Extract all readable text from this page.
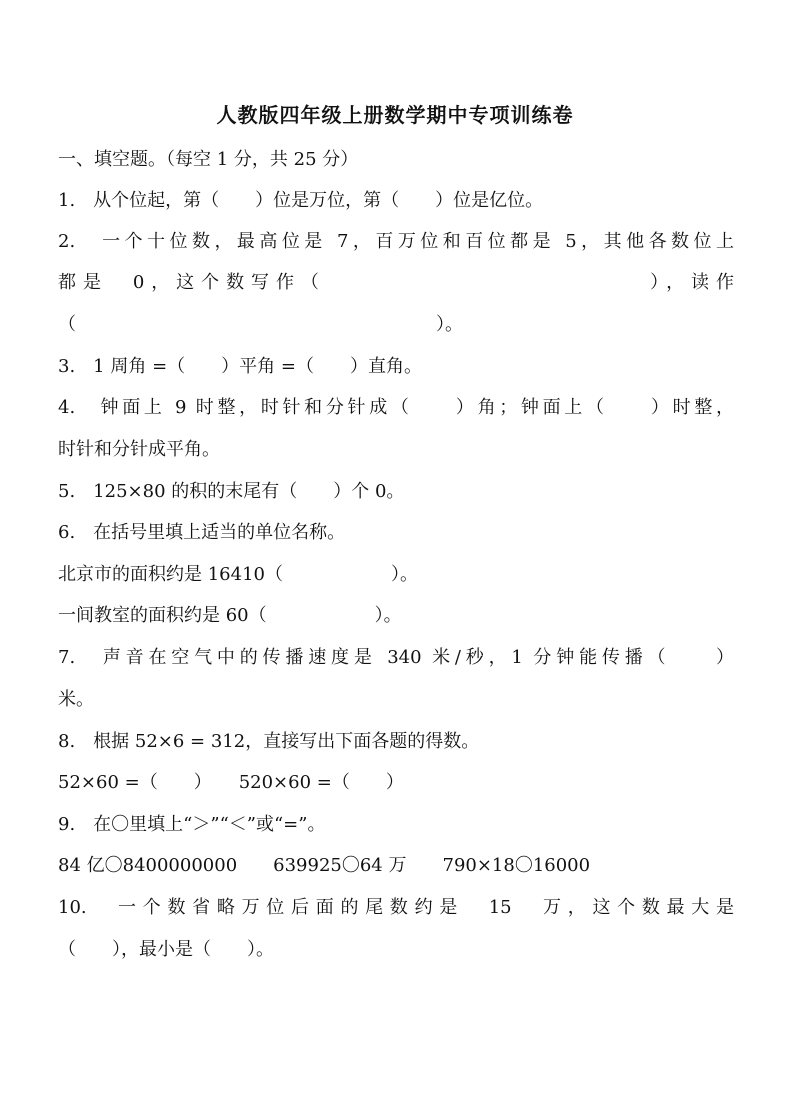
人教版四年级上册数学期中专项训练卷
一、填空题。（每空 1 分，共 25 分）
1.　从个位起，第（　　）位是万位，第（　　）位是亿位。
2.　一个十位数，最高位是 7，百万位和百位都是 5，其他各数位上
都是　0，这个数写作（　　　　　　　　　　　　　），读作
（　　　　　　　　　　　　　　　　　　　　）。
3.　1 周角 =（　　）平角 =（　　）直角。
4.　钟面上 9 时整，时针和分针成（　　）角；钟面上（　　）时整，
时针和分针成平角。
5.　125×80 的积的末尾有（　　）个 0。
6.　在括号里填上适当的单位名称。
北京市的面积约是 16410（　　　　　　）。
一间教室的面积约是 60（　　　　　　）。
7.　声音在空气中的传播速度是 340 米/秒，1 分钟能传播（　　）
米。
8.　根据 52×6 = 312，直接写出下面各题的得数。
52×60 =（　　）　　520×60 =（　　）
9.　在〇里填上“＞”“＜”或“=”。
84 亿〇8400000000　　639925〇64 万　　790×18〇16000
10.　一个数省略万位后面的尾数约是　15　万，这个数最大是
（　　），最小是（　　）。
